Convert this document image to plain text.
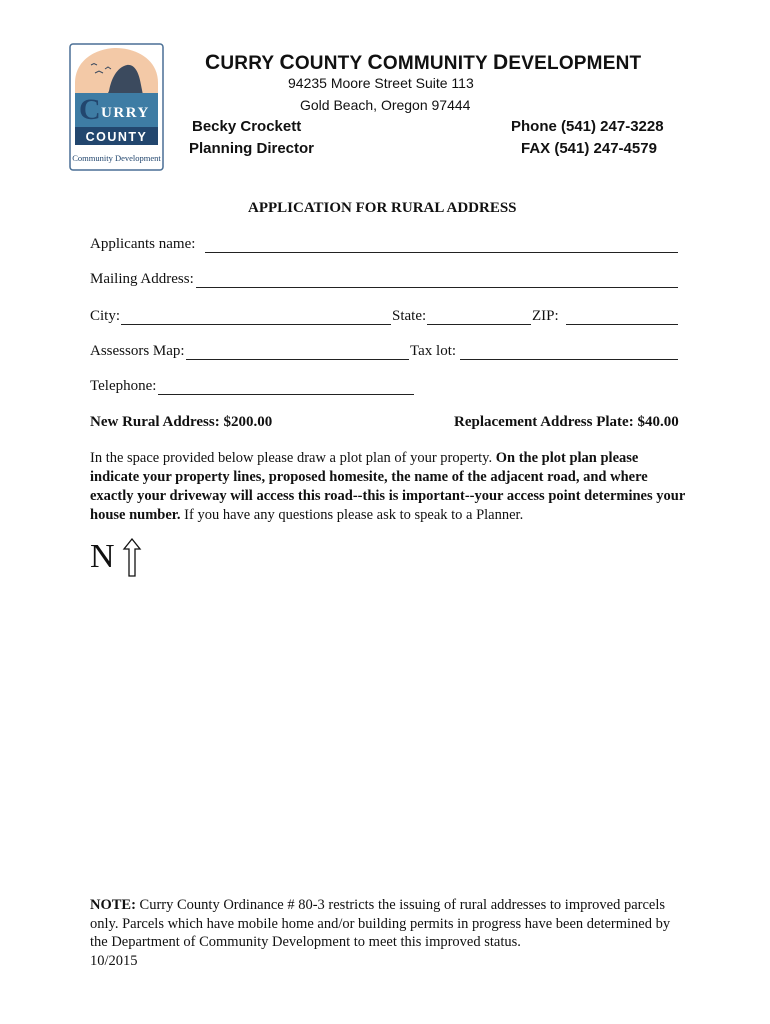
C URRY
COUNTY
Community Development
CURRY COUNTY COMMUNITY DEVELOPMENT
94235 Moore Street Suite 113
Gold Beach, Oregon 97444
Becky Crockett
Planning Director
Phone (541) 247-3228
FAX (541) 247-4579
APPLICATION FOR RURAL ADDRESS
Applicants name:
Mailing Address:
City:	State:	ZIP:
Assessors Map:	Tax lot:
Telephone:
New Rural Address: $200.00	Replacement Address Plate: $40.00
In the space provided below please draw a plot plan of your property. On the plot plan please indicate your property lines, proposed homesite, the name of the adjacent road, and where exactly your driveway will access this road--this is important--your access point determines your house number. If you have any questions please ask to speak to a Planner.
N
NOTE: Curry County Ordinance # 80-3 restricts the issuing of rural addresses to improved parcels only. Parcels which have mobile home and/or building permits in progress have been determined by the Department of Community Development to meet this improved status.
10/2015
